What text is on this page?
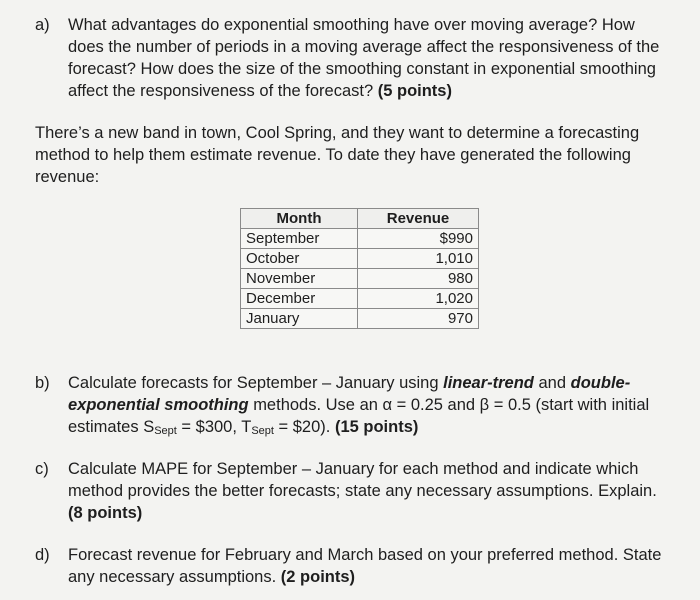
a) What advantages do exponential smoothing have over moving average? How
does the number of periods in a moving average affect the responsiveness of the
forecast? How does the size of the smoothing constant in exponential smoothing
affect the responsiveness of the forecast? (5 points)
There’s a new band in town, Cool Spring, and they want to determine a forecasting
method to help them estimate revenue. To date they have generated the following
revenue:
Month	Revenue
September	$990
October	1,010
November	980
December	1,020
January	970
b) Calculate forecasts for September – January using linear-trend and double-
exponential smoothing methods. Use an α = 0.25 and β = 0.5 (start with initial
estimates $S_{Sept}$ = $300, $T_{Sept}$ = $20). (15 points)
c) Calculate MAPE for September – January for each method and indicate which
method provides the better forecasts; state any necessary assumptions. Explain.
(8 points)
d) Forecast revenue for February and March based on your preferred method. State
any necessary assumptions. (2 points)
